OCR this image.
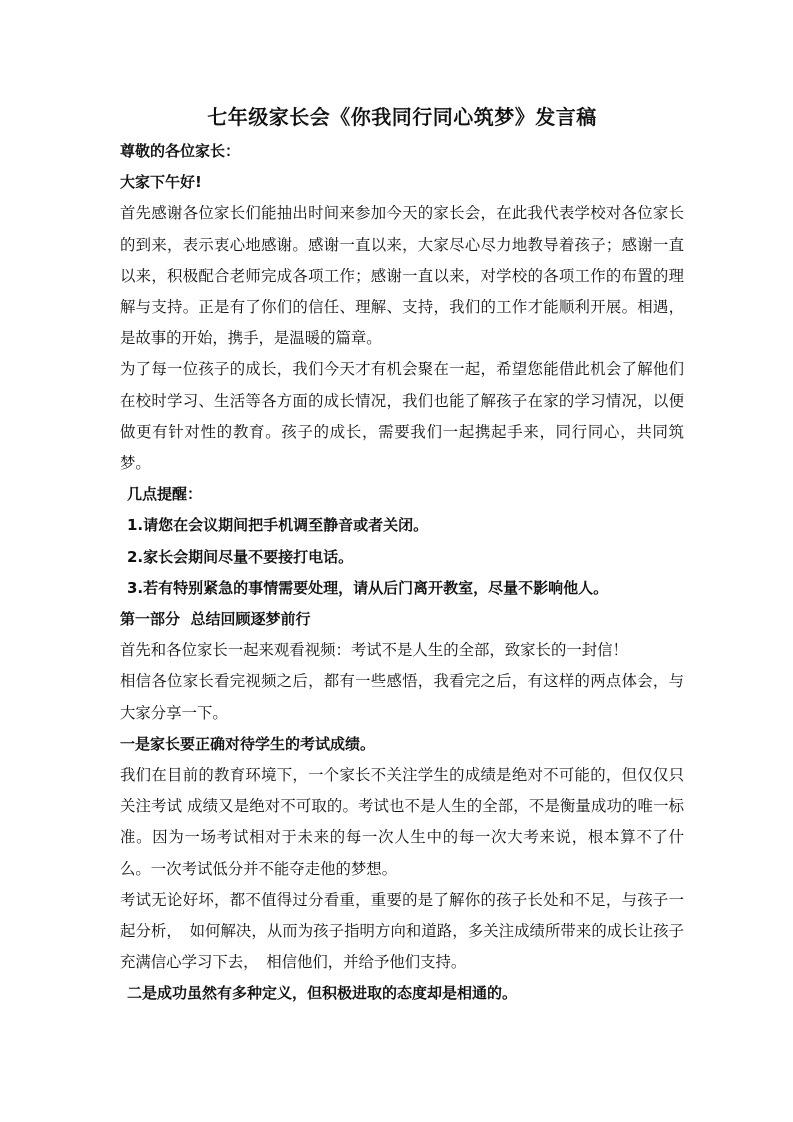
七年级家长会《你我同行同心筑梦》发言稿

尊敬的各位家长：

大家下午好!

首先感谢各位家长们能抽出时间来参加今天的家长会，在此我代表学校对各位家长的到来，表示衷心地感谢。感谢一直以来，大家尽心尽力地教导着孩子；感谢一直以来，积极配合老师完成各项工作；感谢一直以来，对学校的各项工作的布置的理解与支持。正是有了你们的信任、理解、支持，我们的工作才能顺利开展。相遇，是故事的开始，携手，是温暖的篇章。

为了每一位孩子的成长，我们今天才有机会聚在一起，希望您能借此机会了解他们在校时学习、生活等各方面的成长情况，我们也能了解孩子在家的学习情况，以便做更有针对性的教育。孩子的成长，需要我们一起携起手来，同行同心，共同筑梦。

几点提醒：

1.请您在会议期间把手机调至静音或者关闭。

2.家长会期间尽量不要接打电话。

3.若有特别紧急的事情需要处理，请从后门离开教室，尽量不影响他人。

第一部分  总结回顾逐梦前行

首先和各位家长一起来观看视频：考试不是人生的全部，致家长的一封信！

相信各位家长看完视频之后，都有一些感悟，我看完之后，有这样的两点体会，与大家分享一下。

一是家长要正确对待学生的考试成绩。

我们在目前的教育环境下，一个家长不关注学生的成绩是绝对不可能的，但仅仅只关注考试 成绩又是绝对不可取的。考试也不是人生的全部，不是衡量成功的唯一标准。因为一场考试相对于未来的每一次人生中的每一次大考来说，根本算不了什么。一次考试低分并不能夺走他的梦想。

考试无论好坏，都不值得过分看重，重要的是了解你的孩子长处和不足，与孩子一起分析，　如何解决，从而为孩子指明方向和道路，多关注成绩所带来的成长让孩子充满信心学习下去，　相信他们，并给予他们支持。

二是成功虽然有多种定义，但积极进取的态度却是相通的。
